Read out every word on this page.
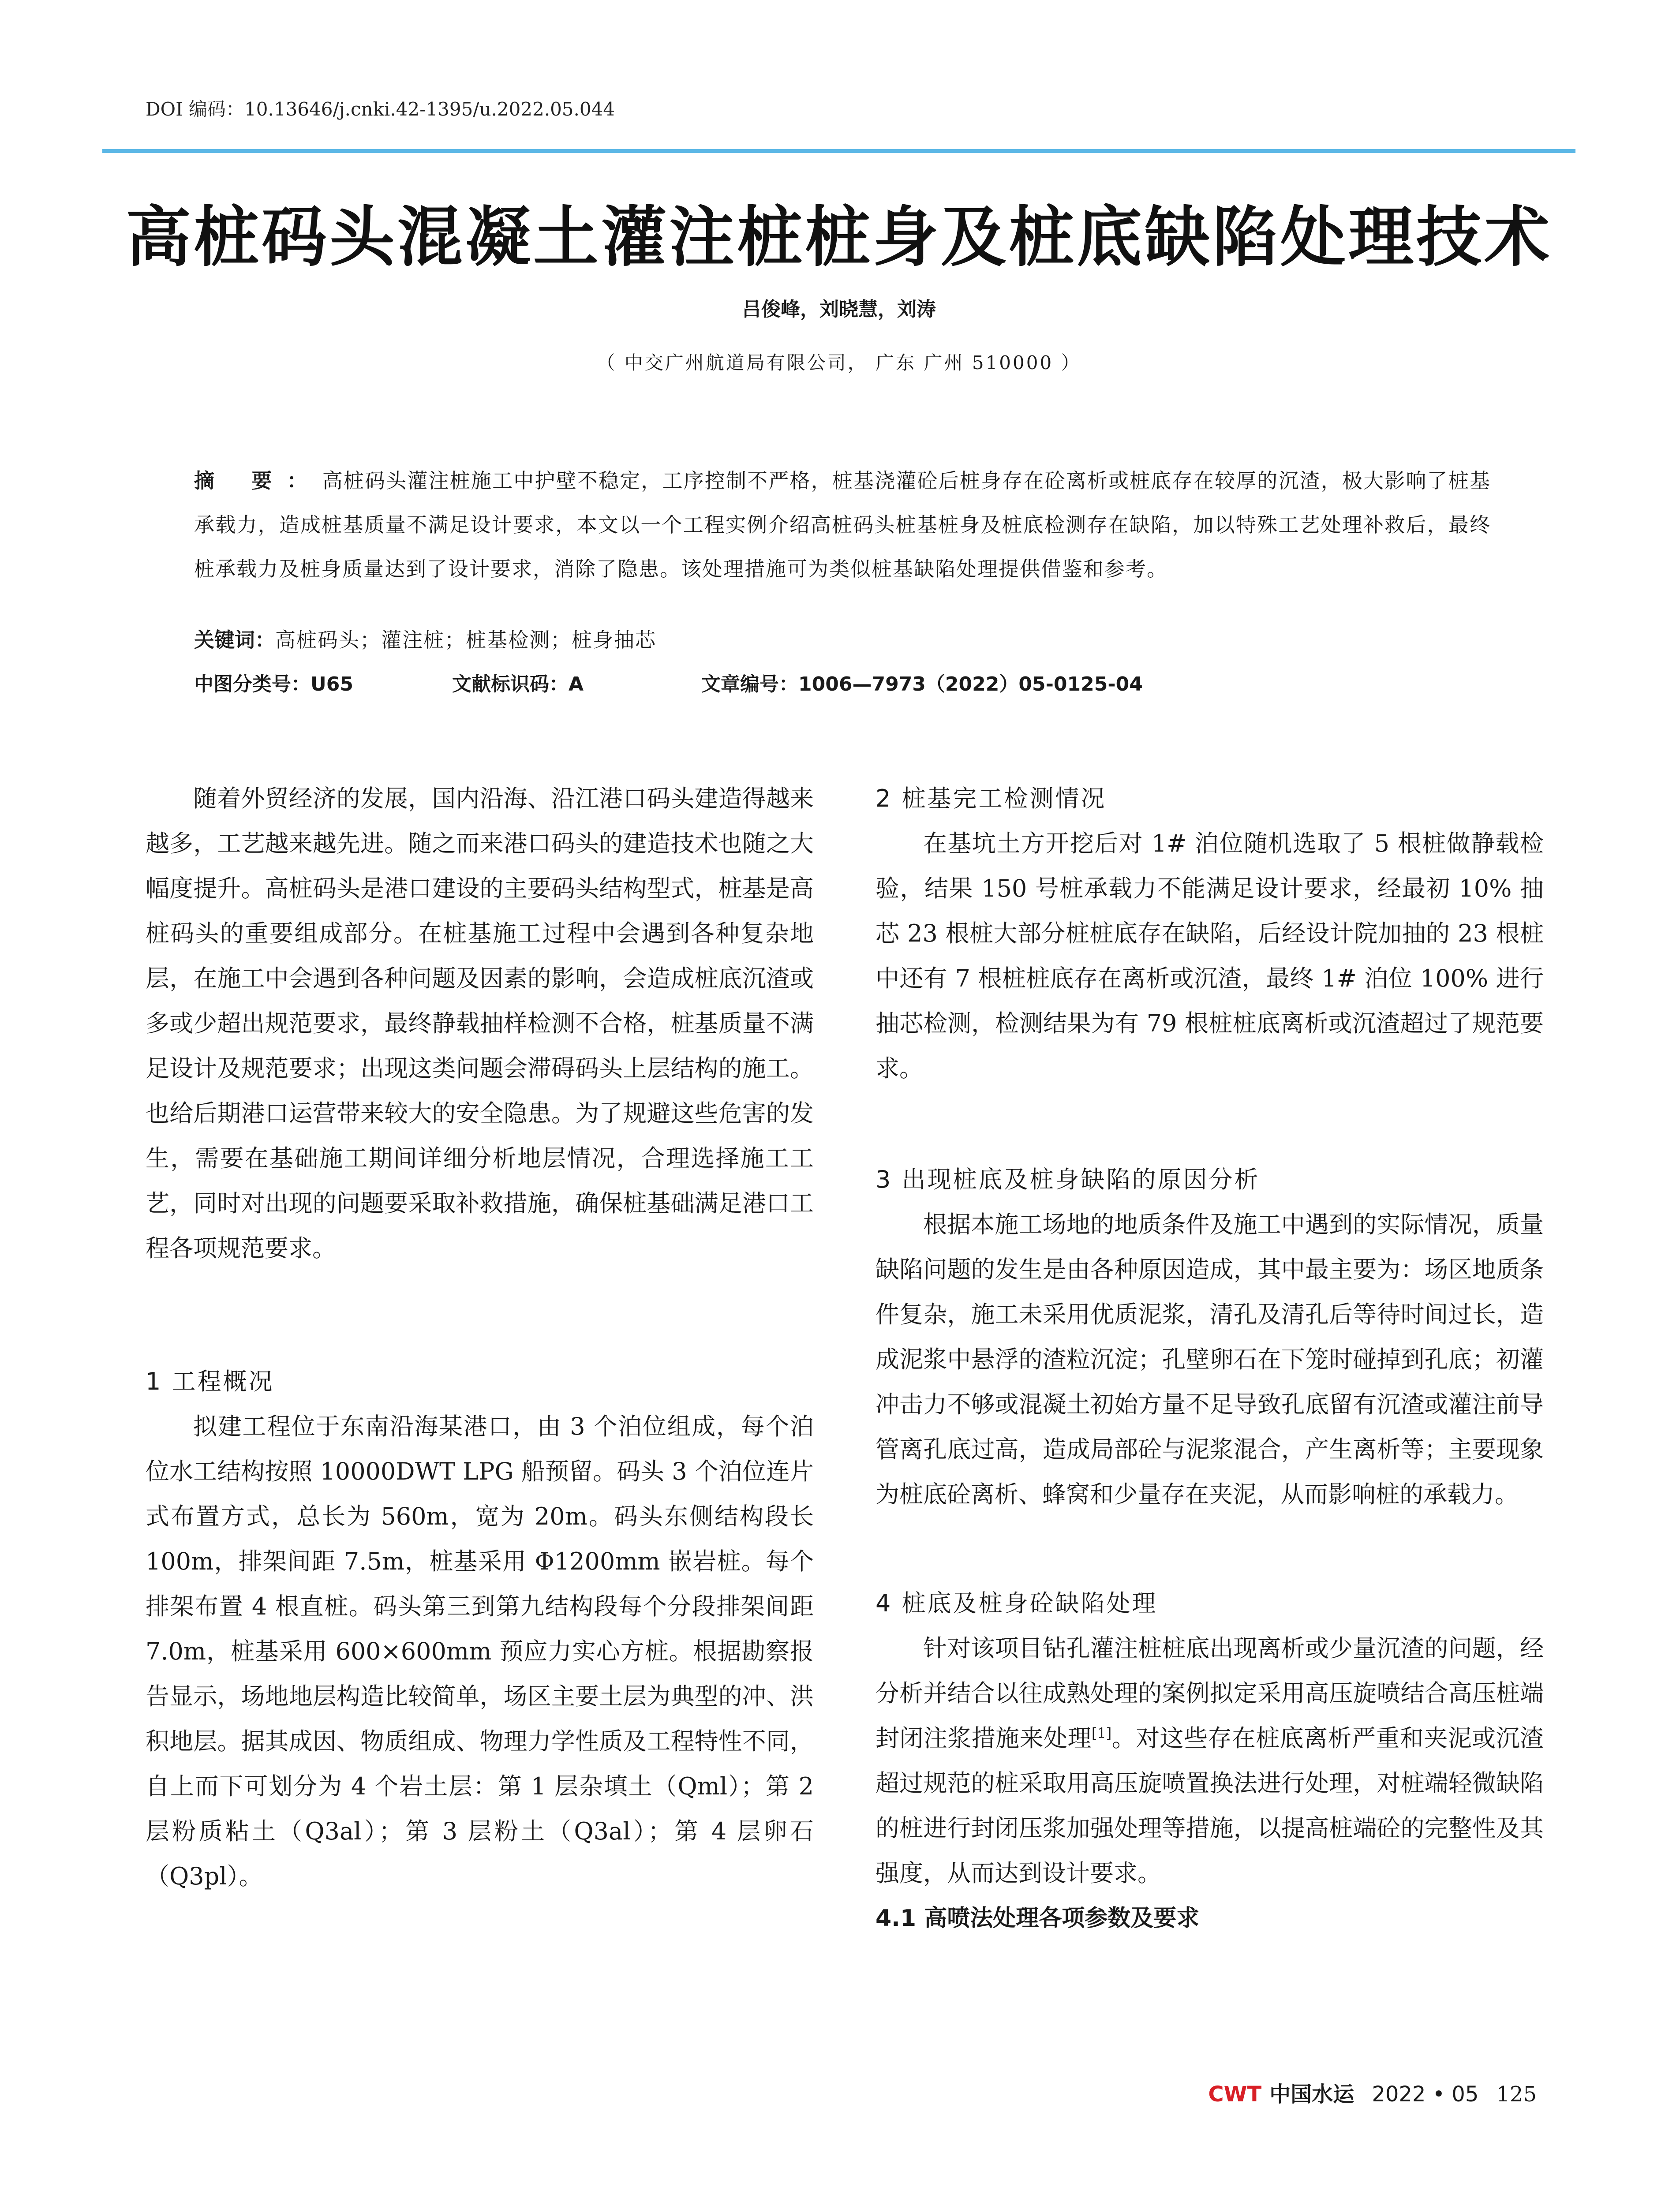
DOI 编码：10.13646/j.cnki.42-1395/u.2022.05.044
高桩码头混凝土灌注桩桩身及桩底缺陷处理技术
吕俊峰，刘晓慧，刘涛
（ 中交广州航道局有限公司， 广东 广州 510000 ）
摘 要：高桩码头灌注桩施工中护壁不稳定，工序控制不严格，桩基浇灌砼后桩身存在砼离析或桩底存在较厚的沉渣，极大影响了桩基承载力，造成桩基质量不满足设计要求，本文以一个工程实例介绍高桩码头桩基桩身及桩底检测存在缺陷，加以特殊工艺处理补救后，最终桩承载力及桩身质量达到了设计要求，消除了隐患。该处理措施可为类似桩基缺陷处理提供借鉴和参考。
关键词：高桩码头；灌注桩；桩基检测；桩身抽芯
中图分类号：U65	文献标识码：A	文章编号：1006—7973（2022）05-0125-04

随着外贸经济的发展，国内沿海、沿江港口码头建造得越来越多，工艺越来越先进。随之而来港口码头的建造技术也随之大幅度提升。高桩码头是港口建设的主要码头结构型式，桩基是高桩码头的重要组成部分。在桩基施工过程中会遇到各种复杂地层，在施工中会遇到各种问题及因素的影响，会造成桩底沉渣或多或少超出规范要求，最终静载抽样检测不合格，桩基质量不满足设计及规范要求；出现这类问题会滞碍码头上层结构的施工。也给后期港口运营带来较大的安全隐患。为了规避这些危害的发生，需要在基础施工期间详细分析地层情况，合理选择施工工艺，同时对出现的问题要采取补救措施，确保桩基础满足港口工程各项规范要求。

1 工程概况

拟建工程位于东南沿海某港口，由 3 个泊位组成，每个泊位水工结构按照 10000DWT LPG 船预留。码头 3 个泊位连片式布置方式，总长为 560m，宽为 20m。码头东侧结构段长 100m，排架间距 7.5m，桩基采用 Φ1200mm 嵌岩桩。每个排架布置 4 根直桩。码头第三到第九结构段每个分段排架间距 7.0m，桩基采用 600×600mm 预应力实心方桩。根据勘察报告显示，场地地层构造比较简单，场区主要土层为典型的冲、洪积地层。据其成因、物质组成、物理力学性质及工程特性不同，自上而下可划分为 4 个岩土层：第 1 层杂填土（Qml）；第 2 层粉质粘土（Q3al）；第 3 层粉土（Q3al）；第 4 层卵石（Q3pl）。

2 桩基完工检测情况

在基坑土方开挖后对 1# 泊位随机选取了 5 根桩做静载检验，结果 150 号桩承载力不能满足设计要求，经最初 10% 抽芯 23 根桩大部分桩桩底存在缺陷，后经设计院加抽的 23 根桩中还有 7 根桩桩底存在离析或沉渣，最终 1# 泊位 100% 进行抽芯检测，检测结果为有 79 根桩桩底离析或沉渣超过了规范要求。

3 出现桩底及桩身缺陷的原因分析

根据本施工场地的地质条件及施工中遇到的实际情况，质量缺陷问题的发生是由各种原因造成，其中最主要为：场区地质条件复杂，施工未采用优质泥浆，清孔及清孔后等待时间过长，造成泥浆中悬浮的渣粒沉淀；孔壁卵石在下笼时碰掉到孔底；初灌冲击力不够或混凝土初始方量不足导致孔底留有沉渣或灌注前导管离孔底过高，造成局部砼与泥浆混合，产生离析等；主要现象为桩底砼离析、蜂窝和少量存在夹泥，从而影响桩的承载力。

4 桩底及桩身砼缺陷处理

针对该项目钻孔灌注桩桩底出现离析或少量沉渣的问题，经分析并结合以往成熟处理的案例拟定采用高压旋喷结合高压桩端封闭注浆措施来处理[1]。对这些存在桩底离析严重和夹泥或沉渣超过规范的桩采取用高压旋喷置换法进行处理，对桩端轻微缺陷的桩进行封闭压浆加强处理等措施，以提高桩端砼的完整性及其强度，从而达到设计要求。

4.1 高喷法处理各项参数及要求
CWT 中国水运 2022 • 05 125
